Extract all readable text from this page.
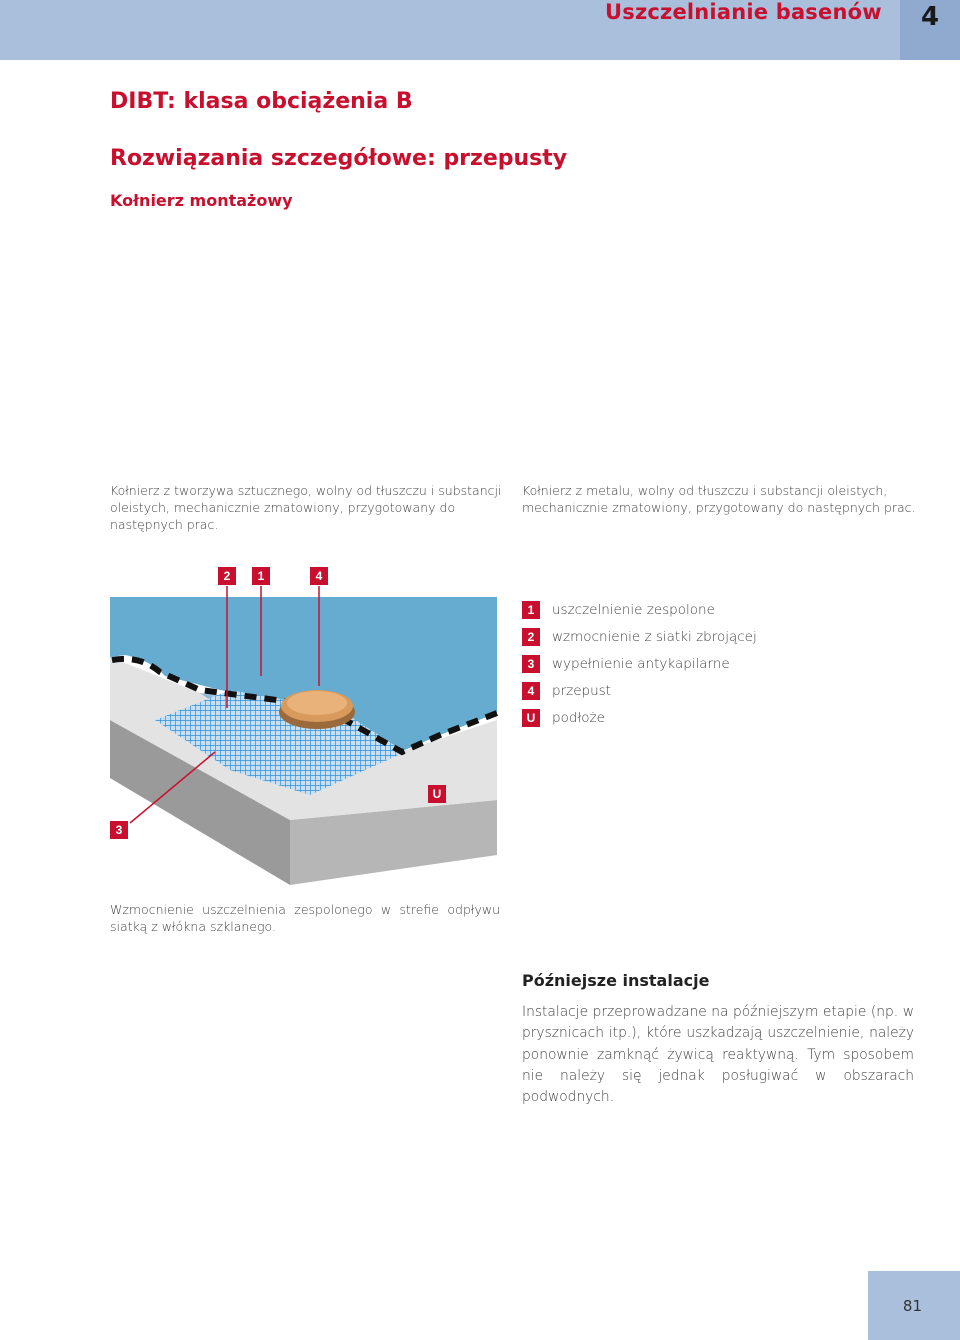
Uszczelnianie basenów	4
DIBT: klasa obciążenia B
Rozwiązania szczegółowe: przepusty
Kołnierz montażowy
Kołnierz z tworzywa sztucznego, wolny od tłuszczu i substancji oleistych, mechanicznie zmatowiony, przygotowany do następnych prac.
Kołnierz z metalu, wolny od tłuszczu i substancji oleistych, mechanicznie zmatowiony, przygotowany do następnych prac.
2	1	4
U
3
1	uszczelnienie zespolone
2	wzmocnienie z siatki zbrojącej
3	wypełnienie antykapilarne
4	przepust
U	podłoże
Wzmocnienie uszczelnienia zespolonego w strefie odpływu siatką z włókna szklanego.
Późniejsze instalacje
Instalacje przeprowadzane na późniejszym etapie (np. w prysznicach itp.), które uszkadzają uszczelnienie, należy ponownie zamknąć żywicą reaktywną. Tym sposobem nie należy się jednak posługiwać w obszarach podwodnych.
81
